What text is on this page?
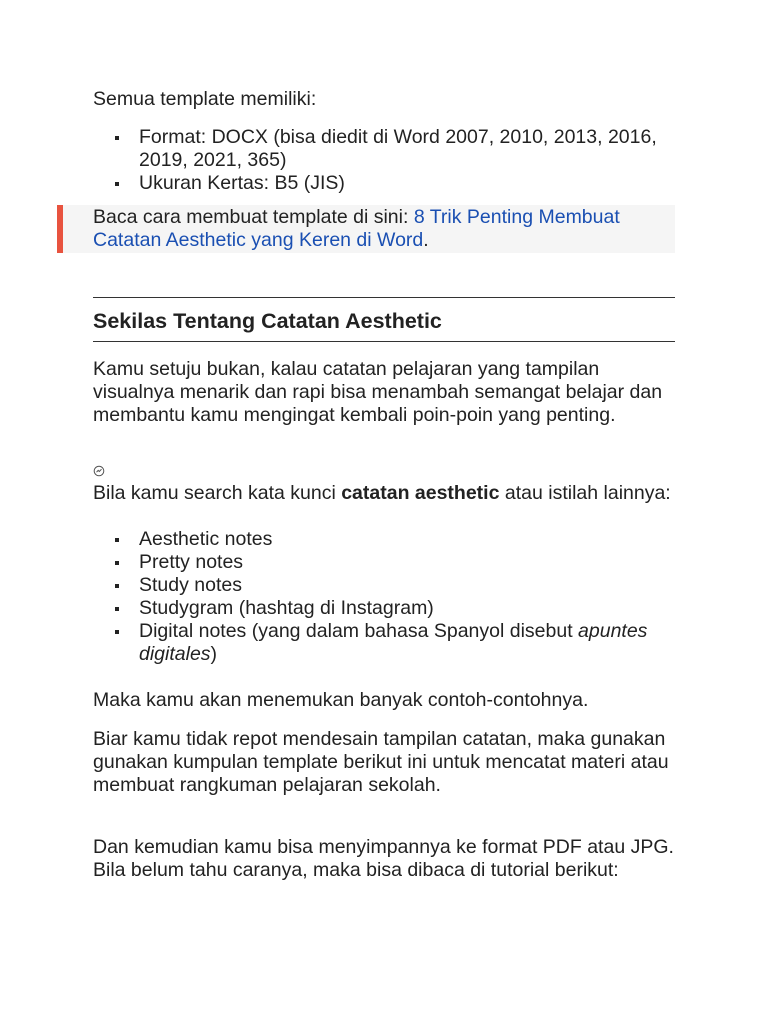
Semua template memiliki:

Format: DOCX (bisa diedit di Word 2007, 2010, 2013, 2016, 2019, 2021, 365)
Ukuran Kertas: B5 (JIS)
Baca cara membuat template di sini: 8 Trik Penting Membuat Catatan Aesthetic yang Keren di Word.
Sekilas Tentang Catatan Aesthetic

Kamu setuju bukan, kalau catatan pelajaran yang tampilan visualnya menarik dan rapi bisa menambah semangat belajar dan membantu kamu mengingat kembali poin-poin yang penting.

Bila kamu search kata kunci catatan aesthetic atau istilah lainnya:

Aesthetic notes
Pretty notes
Study notes
Studygram (hashtag di Instagram)
Digital notes (yang dalam bahasa Spanyol disebut apuntes digitales)

Maka kamu akan menemukan banyak contoh-contohnya.

Biar kamu tidak repot mendesain tampilan catatan, maka gunakan gunakan kumpulan template berikut ini untuk mencatat materi atau membuat rangkuman pelajaran sekolah.

Dan kemudian kamu bisa menyimpannya ke format PDF atau JPG. Bila belum tahu caranya, maka bisa dibaca di tutorial berikut:
